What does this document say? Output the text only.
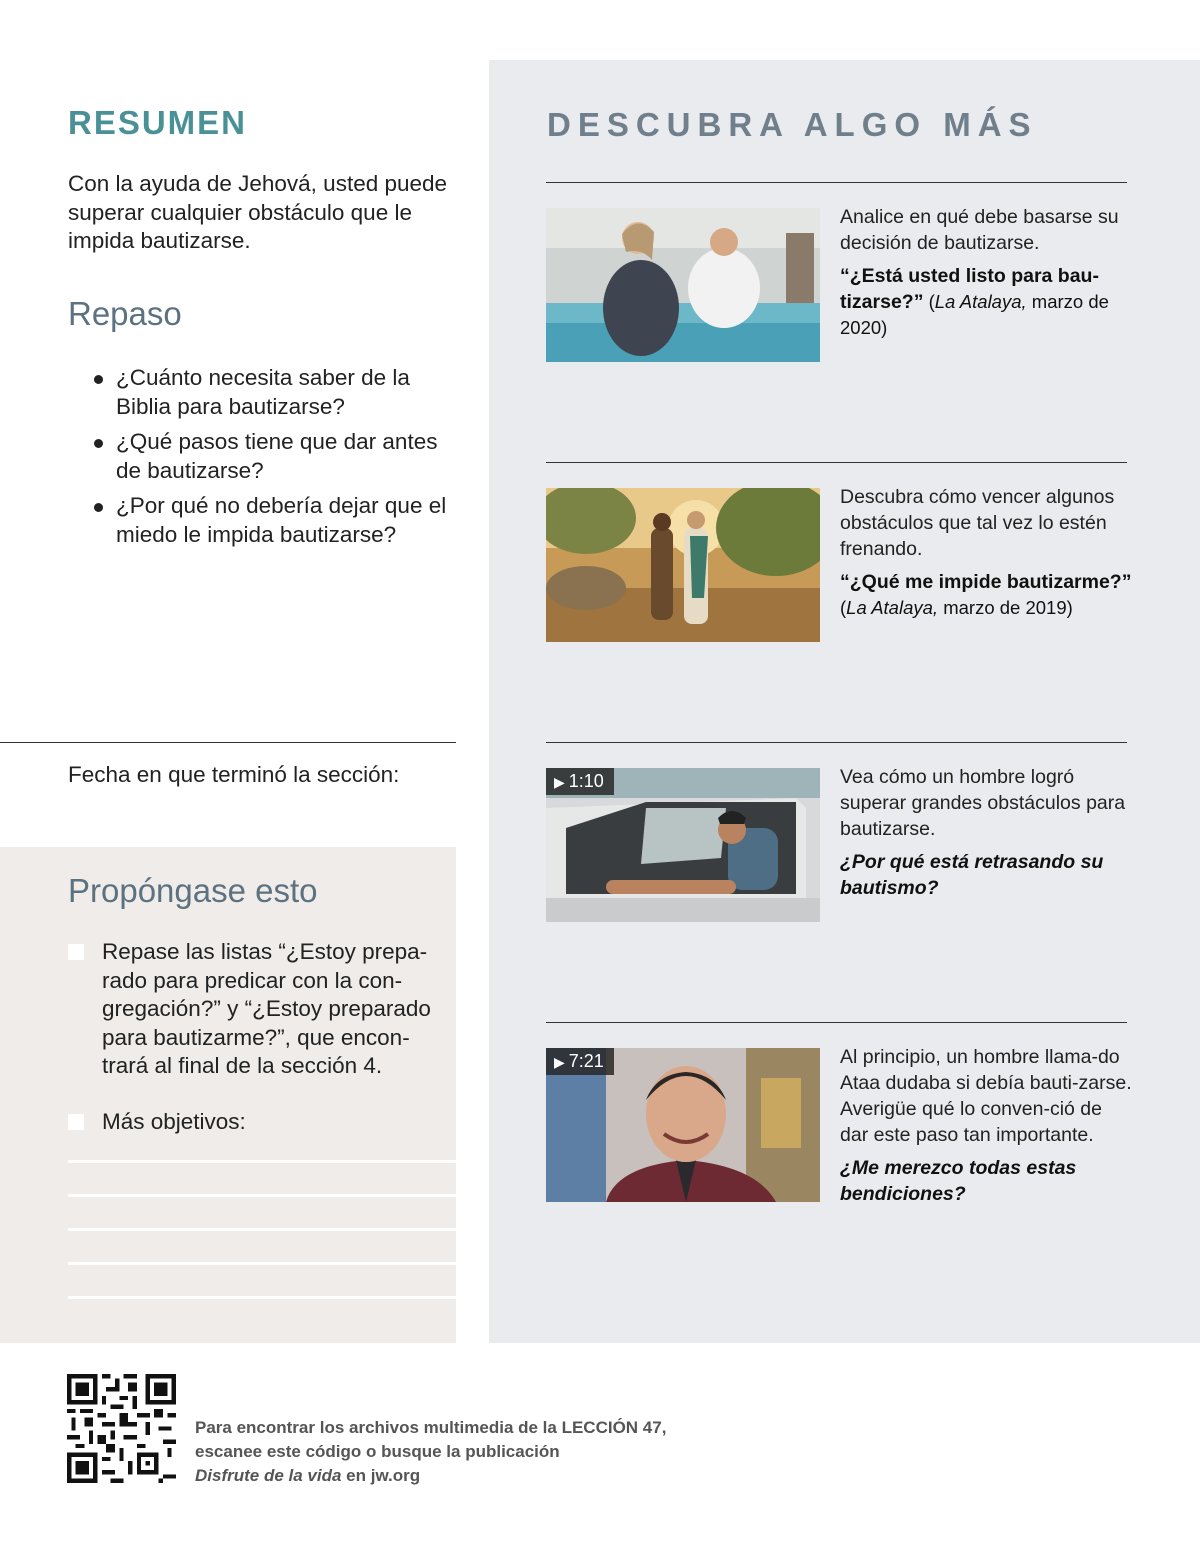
RESUMEN
Con la ayuda de Jehová, usted puede superar cualquier obstáculo que le impida bautizarse.
Repaso
¿Cuánto necesita saber de la Biblia para bautizarse?
¿Qué pasos tiene que dar antes de bautizarse?
¿Por qué no debería dejar que el miedo le impida bautizarse?
Fecha en que terminó la sección:
Propóngase esto
Repase las listas “¿Estoy prepa-rado para predicar con la con-gregación?” y “¿Estoy preparado para bautizarme?”, que encon-trará al final de la sección 4.
Más objetivos:
DESCUBRA ALGO MÁS
Analice en qué debe basarse su decisión de bautizarse.
“¿Está usted listo para bau-tizarse?” (La Atalaya, marzo de 2020)
Descubra cómo vencer algunos obstáculos que tal vez lo estén frenando.
“¿Qué me impide bautizarme?”
(La Atalaya, marzo de 2019)
▶ 1:10	Vea cómo un hombre logró superar grandes obstáculos para bautizarse.
¿Por qué está retrasando su bautismo?
▶ 7:21	Al principio, un hombre llama-do Ataa dudaba si debía bauti-zarse. Averigüe qué lo conven-ció de dar este paso tan importante.
¿Me merezco todas estas bendiciones?
Para encontrar los archivos multimedia de la LECCIÓN 47,
escanee este código o busque la publicación
Disfrute de la vida en jw.org
